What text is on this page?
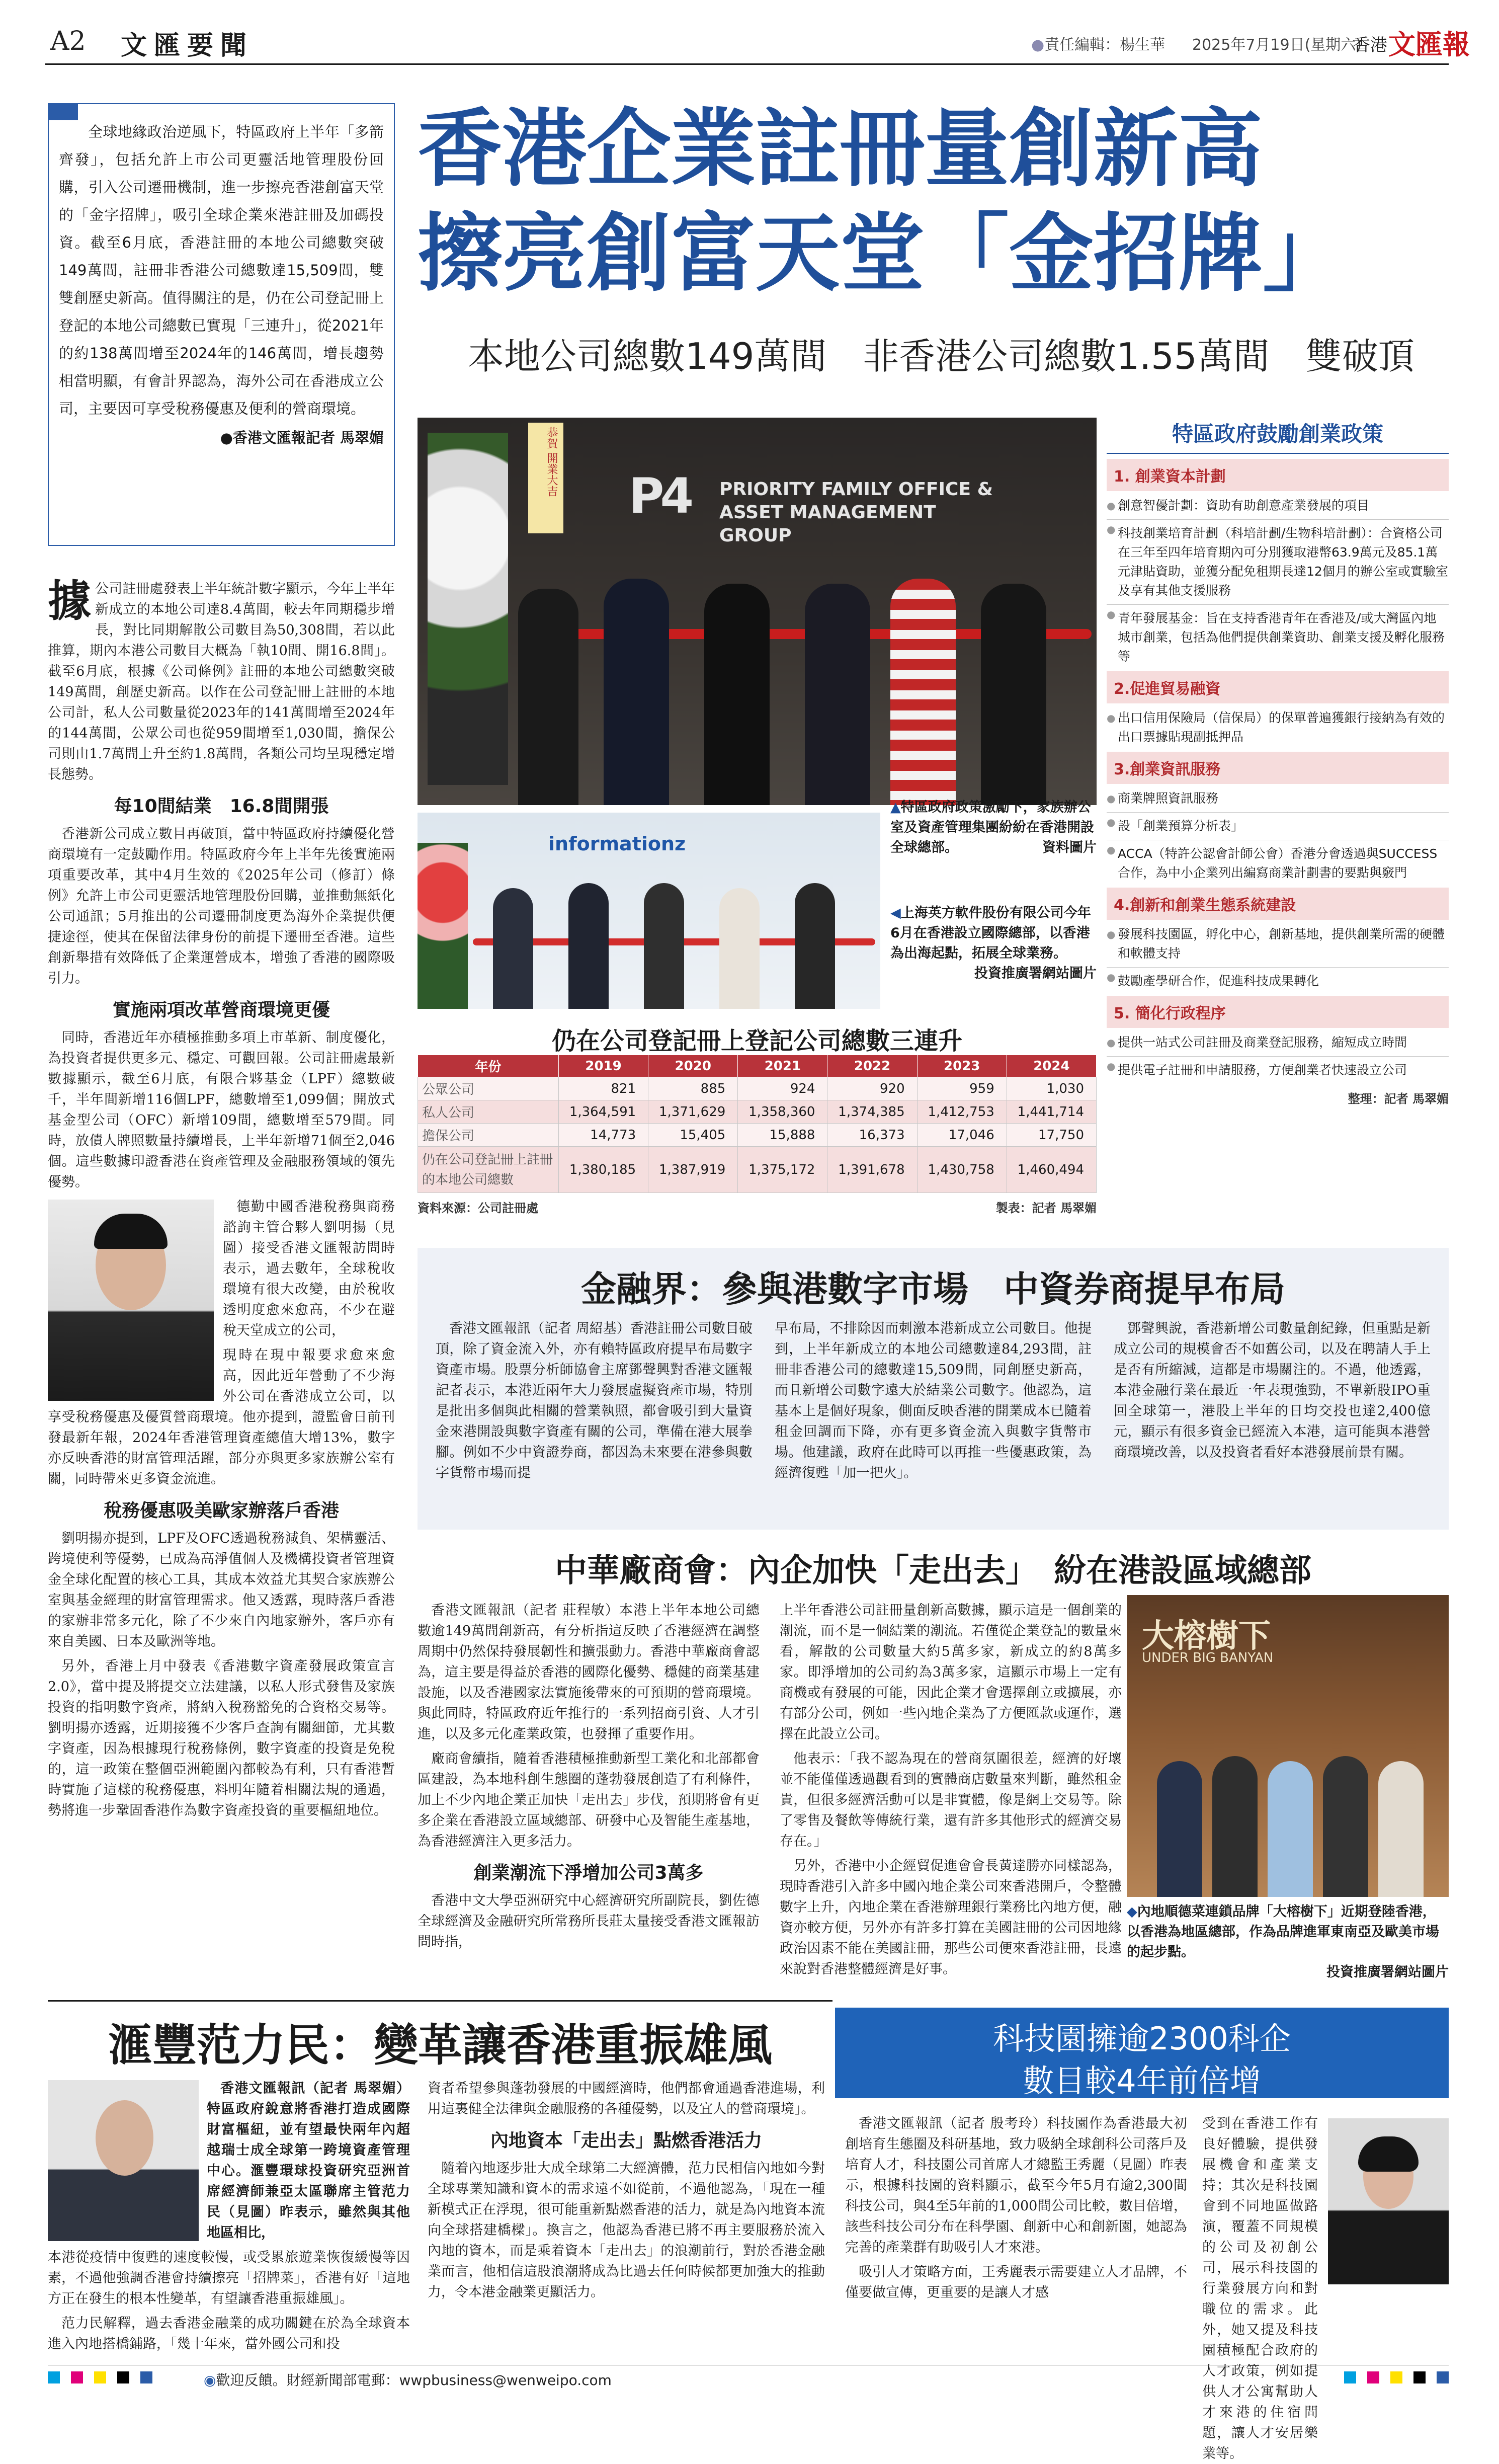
A2 文匯要聞	●責任編輯：楊生華 2025年7月19日(星期六)
香港 文匯報

全球地緣政治逆風下，特區政府上半年「多箭齊發」，包括允許上市公司更靈活地管理股份回購，引入公司遷冊機制，進一步擦亮香港創富天堂的「金字招牌」，吸引全球企業來港註冊及加碼投資。截至6月底，香港註冊的本地公司總數突破149萬間，註冊非香港公司總數達15,509間，雙雙創歷史新高。值得關注的是，仍在公司登記冊上登記的本地公司總數已實現「三連升」，從2021年的約138萬間增至2024年的146萬間，增長趨勢相當明顯，有會計界認為，海外公司在香港成立公司，主要因可享受稅務優惠及便利的營商環境。

●香港文匯報記者 馬翠媚

香港企業註冊量創新高
擦亮創富天堂「金招牌」
本地公司總數149萬間　非香港公司總數1.55萬間　雙破頂

據公司註冊處發表上半年統計數字顯示，今年上半年新成立的本地公司達8.4萬間，較去年同期穩步增長，對比同期解散公司數目為50,308間，若以此推算，期內本港公司數目大概為「執10間、開16.8間」。截至6月底，根據《公司條例》註冊的本地公司總數突破149萬間，創歷史新高。以作在公司登記冊上註冊的本地公司計，私人公司數量從2023年的141萬間增至2024年的144萬間，公眾公司也從959間增至1,030間，擔保公司則由1.7萬間上升至約1.8萬間，各類公司均呈現穩定增長態勢。

每10間結業　16.8間開張

香港新公司成立數目再破頂，當中特區政府持續優化營商環境有一定鼓勵作用。特區政府今年上半年先後實施兩項重要改革，其中4月生效的《2025年公司（修訂）條例》允許上市公司更靈活地管理股份回購，並推動無紙化公司通訊；5月推出的公司遷冊制度更為海外企業提供便捷途徑，使其在保留法律身份的前提下遷冊至香港。這些創新舉措有效降低了企業運營成本，增強了香港的國際吸引力。

實施兩項改革營商環境更優

同時，香港近年亦積極推動多項上市革新、制度優化，為投資者提供更多元、穩定、可觀回報。公司註冊處最新數據顯示，截至6月底，有限合夥基金（LPF）總數破千，半年間新增116個LPF，總數增至1,099個；開放式基金型公司（OFC）新增109間，總數增至579間。同時，放債人牌照數量持續增長，上半年新增71個至2,046個。這些數據印證香港在資產管理及金融服務領域的領先優勢。

德勤中國香港稅務與商務諮詢主管合夥人劉明揚（見圖）接受香港文匯報訪問時表示，過去數年，全球稅收環境有很大改變，由於稅收透明度愈來愈高，不少在避稅天堂成立的公司，

現時在現中報要求愈來愈高，因此近年營動了不少海外公司在香港成立公司，以享受稅務優惠及優質營商環境。他亦提到，證監會日前刊發最新年報，2024年香港管理資產總值大增13%，數字亦反映香港的財富管理活躍，部分亦與更多家族辦公室有關，同時帶來更多資金流進。

稅務優惠吸美歐家辦落戶香港

劉明揚亦提到，LPF及OFC透過稅務減負、架構靈活、跨境使利等優勢，已成為高淨值個人及機構投資者管理資金全球化配置的核心工具，其成本效益尤其契合家族辦公室與基金經理的財富管理需求。他又透露，現時落戶香港的家辦非常多元化，除了不少來自內地家辦外，客戶亦有來自美國、日本及歐洲等地。

另外，香港上月中發表《香港數字資產發展政策宣言2.0》，當中提及將提交立法建議，以私人形式發售及家族投資的指明數字資產，將納入稅務豁免的合資格交易等。劉明揚亦透露，近期接獲不少客戶查詢有關細節，尤其數字資產，因為根據現行稅務條例，數字資產的投資是免稅的，這一政策在整個亞洲範圍內都較為有利，只有香港暫時實施了這樣的稅務優惠，料明年隨着相關法規的通過，勢將進一步鞏固香港作為數字資產投資的重要樞紐地位。

恭賀 開業大吉 P4 PRIORITY FAMILY OFFICE & ASSET MANAGEMENT GROUP
informationz
▲特區政府政策激勵下，家族辦公室及資產管理集團紛紛在香港開設全球總部。	資料圖片
◀上海英方軟件股份有限公司今年6月在香港設立國際總部，以香港為出海起點，拓展全球業務。
投資推廣署網站圖片
仍在公司登記冊上登記公司總數三連升
年份	2019	2020	2021	2022	2023	2024
公眾公司	821	885	924	920	959	1,030
私人公司	1,364,591	1,371,629	1,358,360	1,374,385	1,412,753	1,441,714
擔保公司	14,773	15,405	15,888	16,373	17,046	17,750
仍在公司登記冊上註冊的本地公司總數	1,380,185	1,387,919	1,375,172	1,391,678	1,430,758	1,460,494
資料來源：公司註冊處	製表：記者 馬翠媚
特區政府鼓勵創業政策
1. 創業資本計劃
● 創意智優計劃：資助有助創意產業發展的項目
● 科技創業培育計劃（科培計劃/生物科培計劃）：合資格公司在三年至四年培育期內可分別獲取港幣63.9萬元及85.1萬元津貼資助，並獲分配免租期長達12個月的辦公室或實驗室及享有其他支援服務
● 青年發展基金：旨在支持香港青年在香港及/或大灣區內地城市創業，包括為他們提供創業資助、創業支援及孵化服務等
2.促進貿易融資
● 出口信用保險局（信保局）的保單普遍獲銀行接納為有效的出口票據貼現副抵押品
3.創業資訊服務
● 商業牌照資訊服務
● 設「創業預算分析表」
● ACCA（特許公認會計師公會）香港分會透過與SUCCESS合作，為中小企業列出編寫商業計劃書的要點與竅門
4.創新和創業生態系統建設
● 發展科技園區，孵化中心，創新基地，提供創業所需的硬體和軟體支持
● 鼓勵產學研合作，促進科技成果轉化
5. 簡化行政程序
● 提供一站式公司註冊及商業登記服務，縮短成立時間
● 提供電子註冊和申請服務，方便創業者快速設立公司
整理：記者 馬翠媚
金融界：參與港數字市場　中資券商提早布局

香港文匯報訊（記者 周紹基）香港註冊公司數目破頂，除了資金流入外，亦有賴特區政府提早布局數字資產市場。股票分析師協會主席鄧聲興對香港文匯報記者表示，本港近兩年大力發展虛擬資產市場，特別是批出多個與此相關的營業執照，都會吸引到大量資金來港開設與數字資產有關的公司，準備在港大展拳腳。例如不少中資證券商，都因為未來要在港參與數字貨幣市場而提

早布局，不排除因而刺激本港新成立公司數目。他提到，上半年新成立的本地公司總數達84,293間，註冊非香港公司的總數達15,509間，同創歷史新高，而且新增公司數字遠大於結業公司數字。他認為，這基本上是個好現象，側面反映香港的開業成本已隨着租金回調而下降，亦有更多資金流入與數字貨幣市場。他建議，政府在此時可以再推一些優惠政策，為經濟復甦「加一把火」。

鄧聲興說，香港新增公司數量創紀錄，但重點是新成立公司的規模會否不如舊公司，以及在聘請人手上是否有所縮減，這都是市場關注的。不過，他透露，本港金融行業在最近一年表現強勁，不單新股IPO重回全球第一，港股上半年的日均交投也達2,400億元，顯示有很多資金已經流入本港，這可能與本港營商環境改善，以及投資者看好本港發展前景有關。

中華廠商會：內企加快「走出去」　紛在港設區域總部

香港文匯報訊（記者 莊程敏）本港上半年本地公司總數逾149萬間創新高，有分析指這反映了香港經濟在調整周期中仍然保持發展韌性和擴張動力。香港中華廠商會認為，這主要是得益於香港的國際化優勢、穩健的商業基建設施，以及香港國家法實施後帶來的可預期的營商環境。與此同時，特區政府近年推行的一系列招商引資、人才引進，以及多元化產業政策，也發揮了重要作用。

廠商會續指，隨着香港積極推動新型工業化和北部都會區建設，為本地科創生態圈的蓬勃發展創造了有利條件，加上不少內地企業正加快「走出去」步伐，預期將會有更多企業在香港設立區域總部、研發中心及智能生產基地，為香港經濟注入更多活力。

創業潮流下淨增加公司3萬多

香港中文大學亞洲研究中心經濟研究所副院長，劉佐德全球經濟及金融研究所常務所長莊太量接受香港文匯報訪問時指，

上半年香港公司註冊量創新高數據，顯示這是一個創業的潮流，而不是一個結業的潮流。若僅從企業登記的數量來看，解散的公司數量大約5萬多家，新成立的約8萬多家。即淨增加的公司約為3萬多家，這顯示市場上一定有商機或有發展的可能，因此企業才會選擇創立或擴展，亦有部分公司，例如一些內地企業為了方便匯款或運作，選擇在此設立公司。

他表示：「我不認為現在的營商氛圍很差，經濟的好壞並不能僅僅透過觀看到的實體商店數量來判斷，雖然租金貴，但很多經濟活動可以是非實體，像是網上交易等。除了零售及餐飲等傳統行業，還有許多其他形式的經濟交易存在。」

另外，香港中小企經貿促進會會長黃達勝亦同樣認為，現時香港引入許多中國內地企業公司來香港開戶，令整體數字上升，內地企業在香港辦理銀行業務比內地方便，融資亦較方便，另外亦有許多打算在美國註冊的公司因地緣政治因素不能在美國註冊，那些公司便來香港註冊，長遠來說對香港整體經濟是好事。

大榕樹下
UNDER BIG BANYAN
◆內地順德菜連鎖品牌「大榕樹下」近期登陸香港，以香港為地區總部，作為品牌進軍東南亞及歐美市場的起步點。
投資推廣署網站圖片
滙豐范力民：變革讓香港重振雄風

香港文匯報訊（記者 馬翠媚）特區政府銳意將香港打造成國際財富樞紐，並有望最快兩年內超越瑞士成全球第一跨境資產管理中心。滙豐環球投資研究亞洲首席經濟師兼亞太區聯席主管范力民（見圖）昨表示，雖然與其他地區相比，

本港從疫情中復甦的速度較慢，或受累旅遊業恢復緩慢等因素，不過他強調香港會持續擦亮「招牌菜」，香港有好「這地方正在發生的根本性變革，有望讓香港重振雄風」。

范力民解釋，過去香港金融業的成功關鍵在於為全球資本進入內地搭橋鋪路，「幾十年來，當外國公司和投

資者希望參與蓬勃發展的中國經濟時，他們都會通過香港進場，利用這裏健全法律與金融服務的各種優勢，以及宜人的營商環境」。

內地資本「走出去」點燃香港活力

隨着內地逐步壯大成全球第二大經濟體，范力民相信內地如今對全球專業知識和資本的需求遠不如從前，不過他認為，「現在一種新模式正在浮現，很可能重新點燃香港的活力，就是為內地資本流向全球搭建橋樑」。換言之，他認為香港已將不再主要服務於流入內地的資本，而是乘着資本「走出去」的浪潮前行，對於香港金融業而言，他相信這股浪潮將成為比過去任何時候都更加強大的推動力，令本港金融業更顯活力。

科技園擁逾2300科企
數目較4年前倍增

香港文匯報訊（記者 殷考玲）科技園作為香港最大初創培育生態圈及科研基地，致力吸納全球創科公司落戶及培育人才，科技園公司首席人才總監王秀麗（見圖）昨表示，根據科技園的資料顯示，截至今年5月有逾2,300間科技公司，與4至5年前的1,000間公司比較，數目倍增，該些科技公司分布在科學園、創新中心和創新園，她認為完善的產業群有助吸引人才來港。

吸引人才策略方面，王秀麗表示需要建立人才品牌，不僅要做宣傳，更重要的是讓人才感

受到在香港工作有良好體驗，提供發展機會和產業支持；其次是科技園會到不同地區做路演，覆蓋不同規模的公司及初創公司，展示科技園的行業發展方向和對職位的需求。此外，她又提及科技園積極配合政府的人才政策，例如提供人才公寓幫助人才來港的住宿問題，讓人才安居樂業等。

◉歡迎反饋。財經新聞部電郵：wwpbusiness@wenweipo.com
